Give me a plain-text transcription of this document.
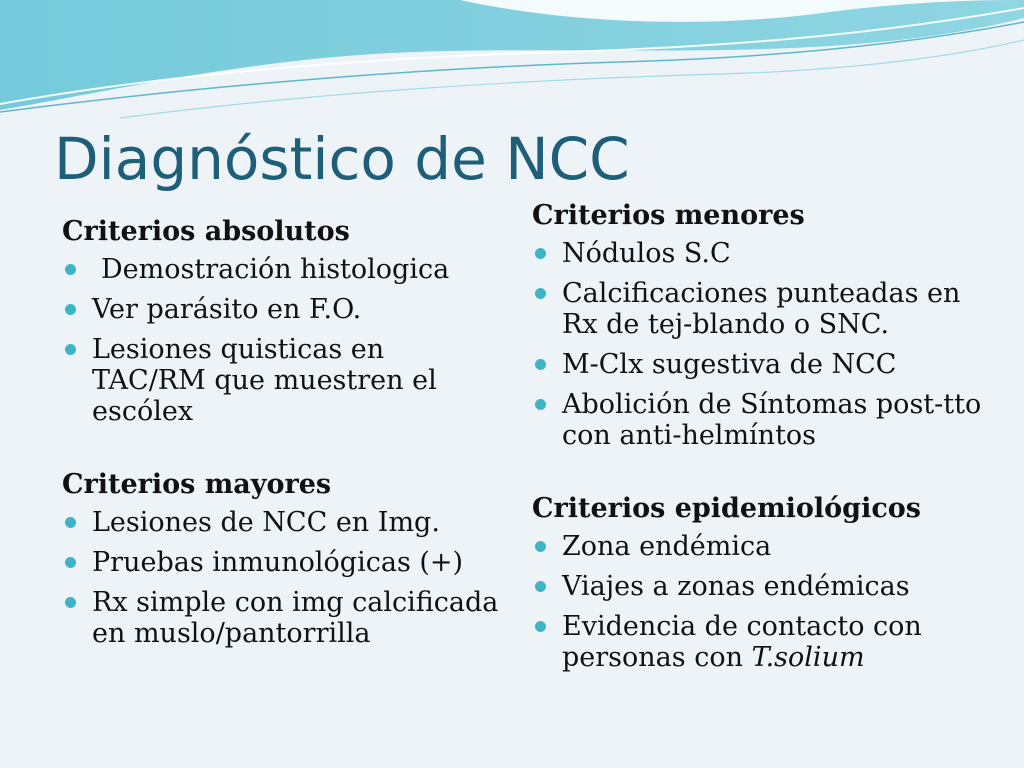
Diagnóstico de NCC

Criterios absolutos

Demostración histologica
Ver parásito en F.O.
Lesiones quisticas en TAC/RM que muestren el escólex

Criterios mayores

Lesiones de NCC en Img.
Pruebas inmunológicas (+)
Rx simple con img calcificada en muslo/pantorrilla

Criterios menores

Nódulos S.C
Calcificaciones punteadas en Rx de tej-blando o SNC.
M-Clx sugestiva de NCC
Abolición de Síntomas post-tto con anti-helmíntos

Criterios epidemiológicos

Zona endémica
Viajes a zonas endémicas
Evidencia de contacto con personas con T.solium
